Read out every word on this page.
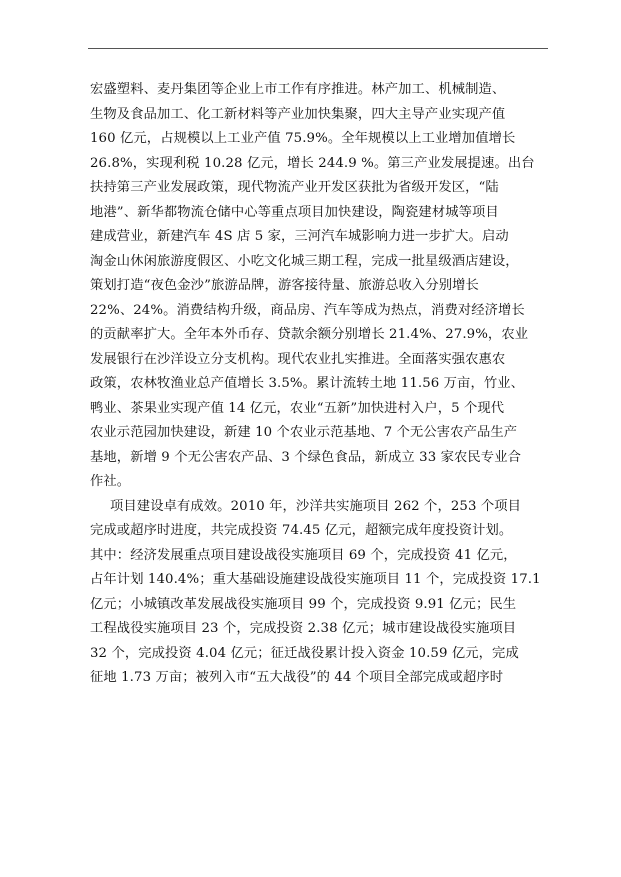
宏盛塑料、麦丹集团等企业上市工作有序推进。林产加工、机械制造、
生物及食品加工、化工新材料等产业加快集聚，四大主导产业实现产值
160 亿元，占规模以上工业产值 75.9%。全年规模以上工业增加值增长
26.8%，实现利税 10.28 亿元，增长 244.9 %。第三产业发展提速。出台
扶持第三产业发展政策，现代物流产业开发区获批为省级开发区，“陆
地港”、新华都物流仓储中心等重点项目加快建设，陶瓷建材城等项目
建成营业，新建汽车 4S 店 5 家，三河汽车城影响力进一步扩大。启动
淘金山休闲旅游度假区、小吃文化城三期工程，完成一批星级酒店建设，
策划打造“夜色金沙”旅游品牌，游客接待量、旅游总收入分别增长
22%、24%。消费结构升级，商品房、汽车等成为热点，消费对经济增长
的贡献率扩大。全年本外币存、贷款余额分别增长 21.4%、27.9%，农业
发展银行在沙洋设立分支机构。现代农业扎实推进。全面落实强农惠农
政策，农林牧渔业总产值增长 3.5%。累计流转土地 11.56 万亩，竹业、
鸭业、茶果业实现产值 14 亿元，农业“五新”加快进村入户，5 个现代
农业示范园加快建设，新建 10 个农业示范基地、7 个无公害农产品生产
基地，新增 9 个无公害农产品、3 个绿色食品，新成立 33 家农民专业合
作社。
项目建设卓有成效。2010 年，沙洋共实施项目 262 个，253 个项目
完成或超序时进度，共完成投资 74.45 亿元，超额完成年度投资计划。
其中：经济发展重点项目建设战役实施项目 69 个，完成投资 41 亿元，
占年计划 140.4%；重大基础设施建设战役实施项目 11 个，完成投资 17.1
亿元；小城镇改革发展战役实施项目 99 个，完成投资 9.91 亿元；民生
工程战役实施项目 23 个，完成投资 2.38 亿元；城市建设战役实施项目
32 个，完成投资 4.04 亿元；征迁战役累计投入资金 10.59 亿元，完成
征地 1.73 万亩；被列入市“五大战役”的 44 个项目全部完成或超序时
